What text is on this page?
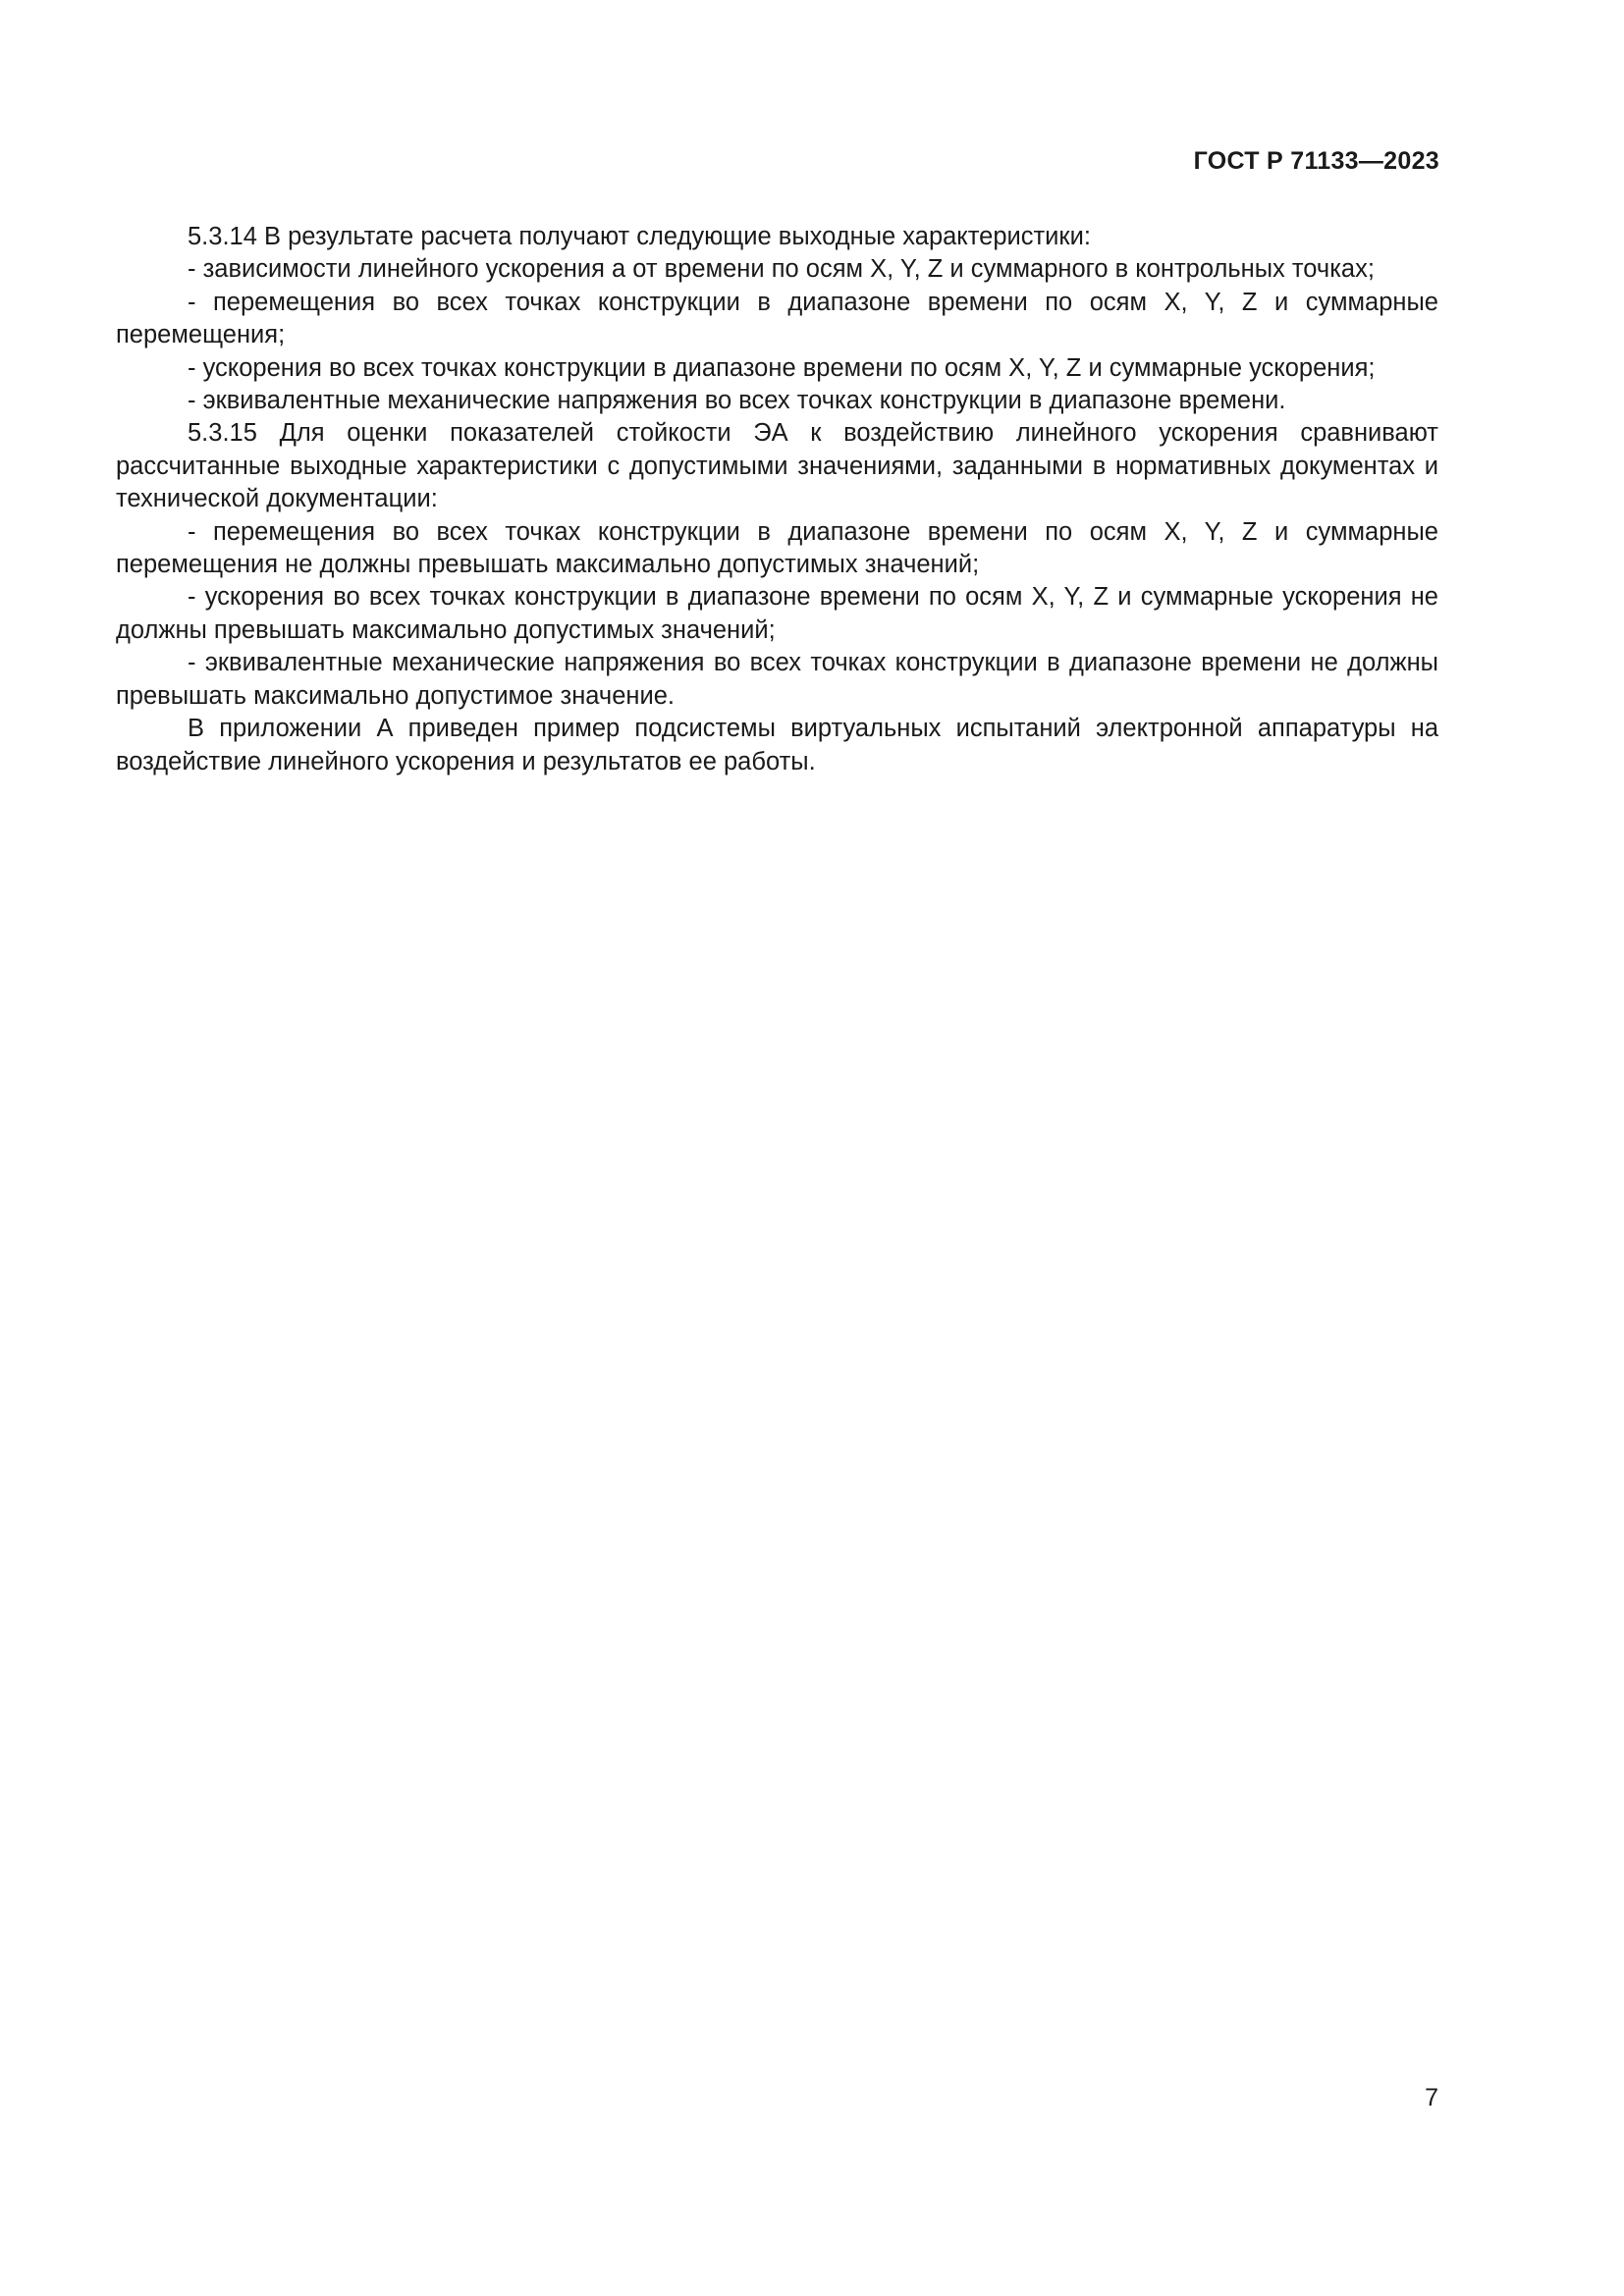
ГОСТ Р 71133—2023

5.3.14 В результате расчета получают следующие выходные характеристики:

- зависимости линейного ускорения a от времени по осям X, Y, Z и суммарного в контрольных точках;

- перемещения во всех точках конструкции в диапазоне времени по осям X, Y, Z и суммарные перемещения;

- ускорения во всех точках конструкции в диапазоне времени по осям X, Y, Z и суммарные ускорения;

- эквивалентные механические напряжения во всех точках конструкции в диапазоне времени.

5.3.15 Для оценки показателей стойкости ЭА к воздействию линейного ускорения сравнивают рассчитанные выходные характеристики с допустимыми значениями, заданными в нормативных документах и технической документации:

- перемещения во всех точках конструкции в диапазоне времени по осям X, Y, Z и суммарные перемещения не должны превышать максимально допустимых значений;

- ускорения во всех точках конструкции в диапазоне времени по осям X, Y, Z и суммарные ускорения не должны превышать максимально допустимых значений;

- эквивалентные механические напряжения во всех точках конструкции в диапазоне времени не должны превышать максимально допустимое значение.

В приложении А приведен пример подсистемы виртуальных испытаний электронной аппаратуры на воздействие линейного ускорения и результатов ее работы.

7
